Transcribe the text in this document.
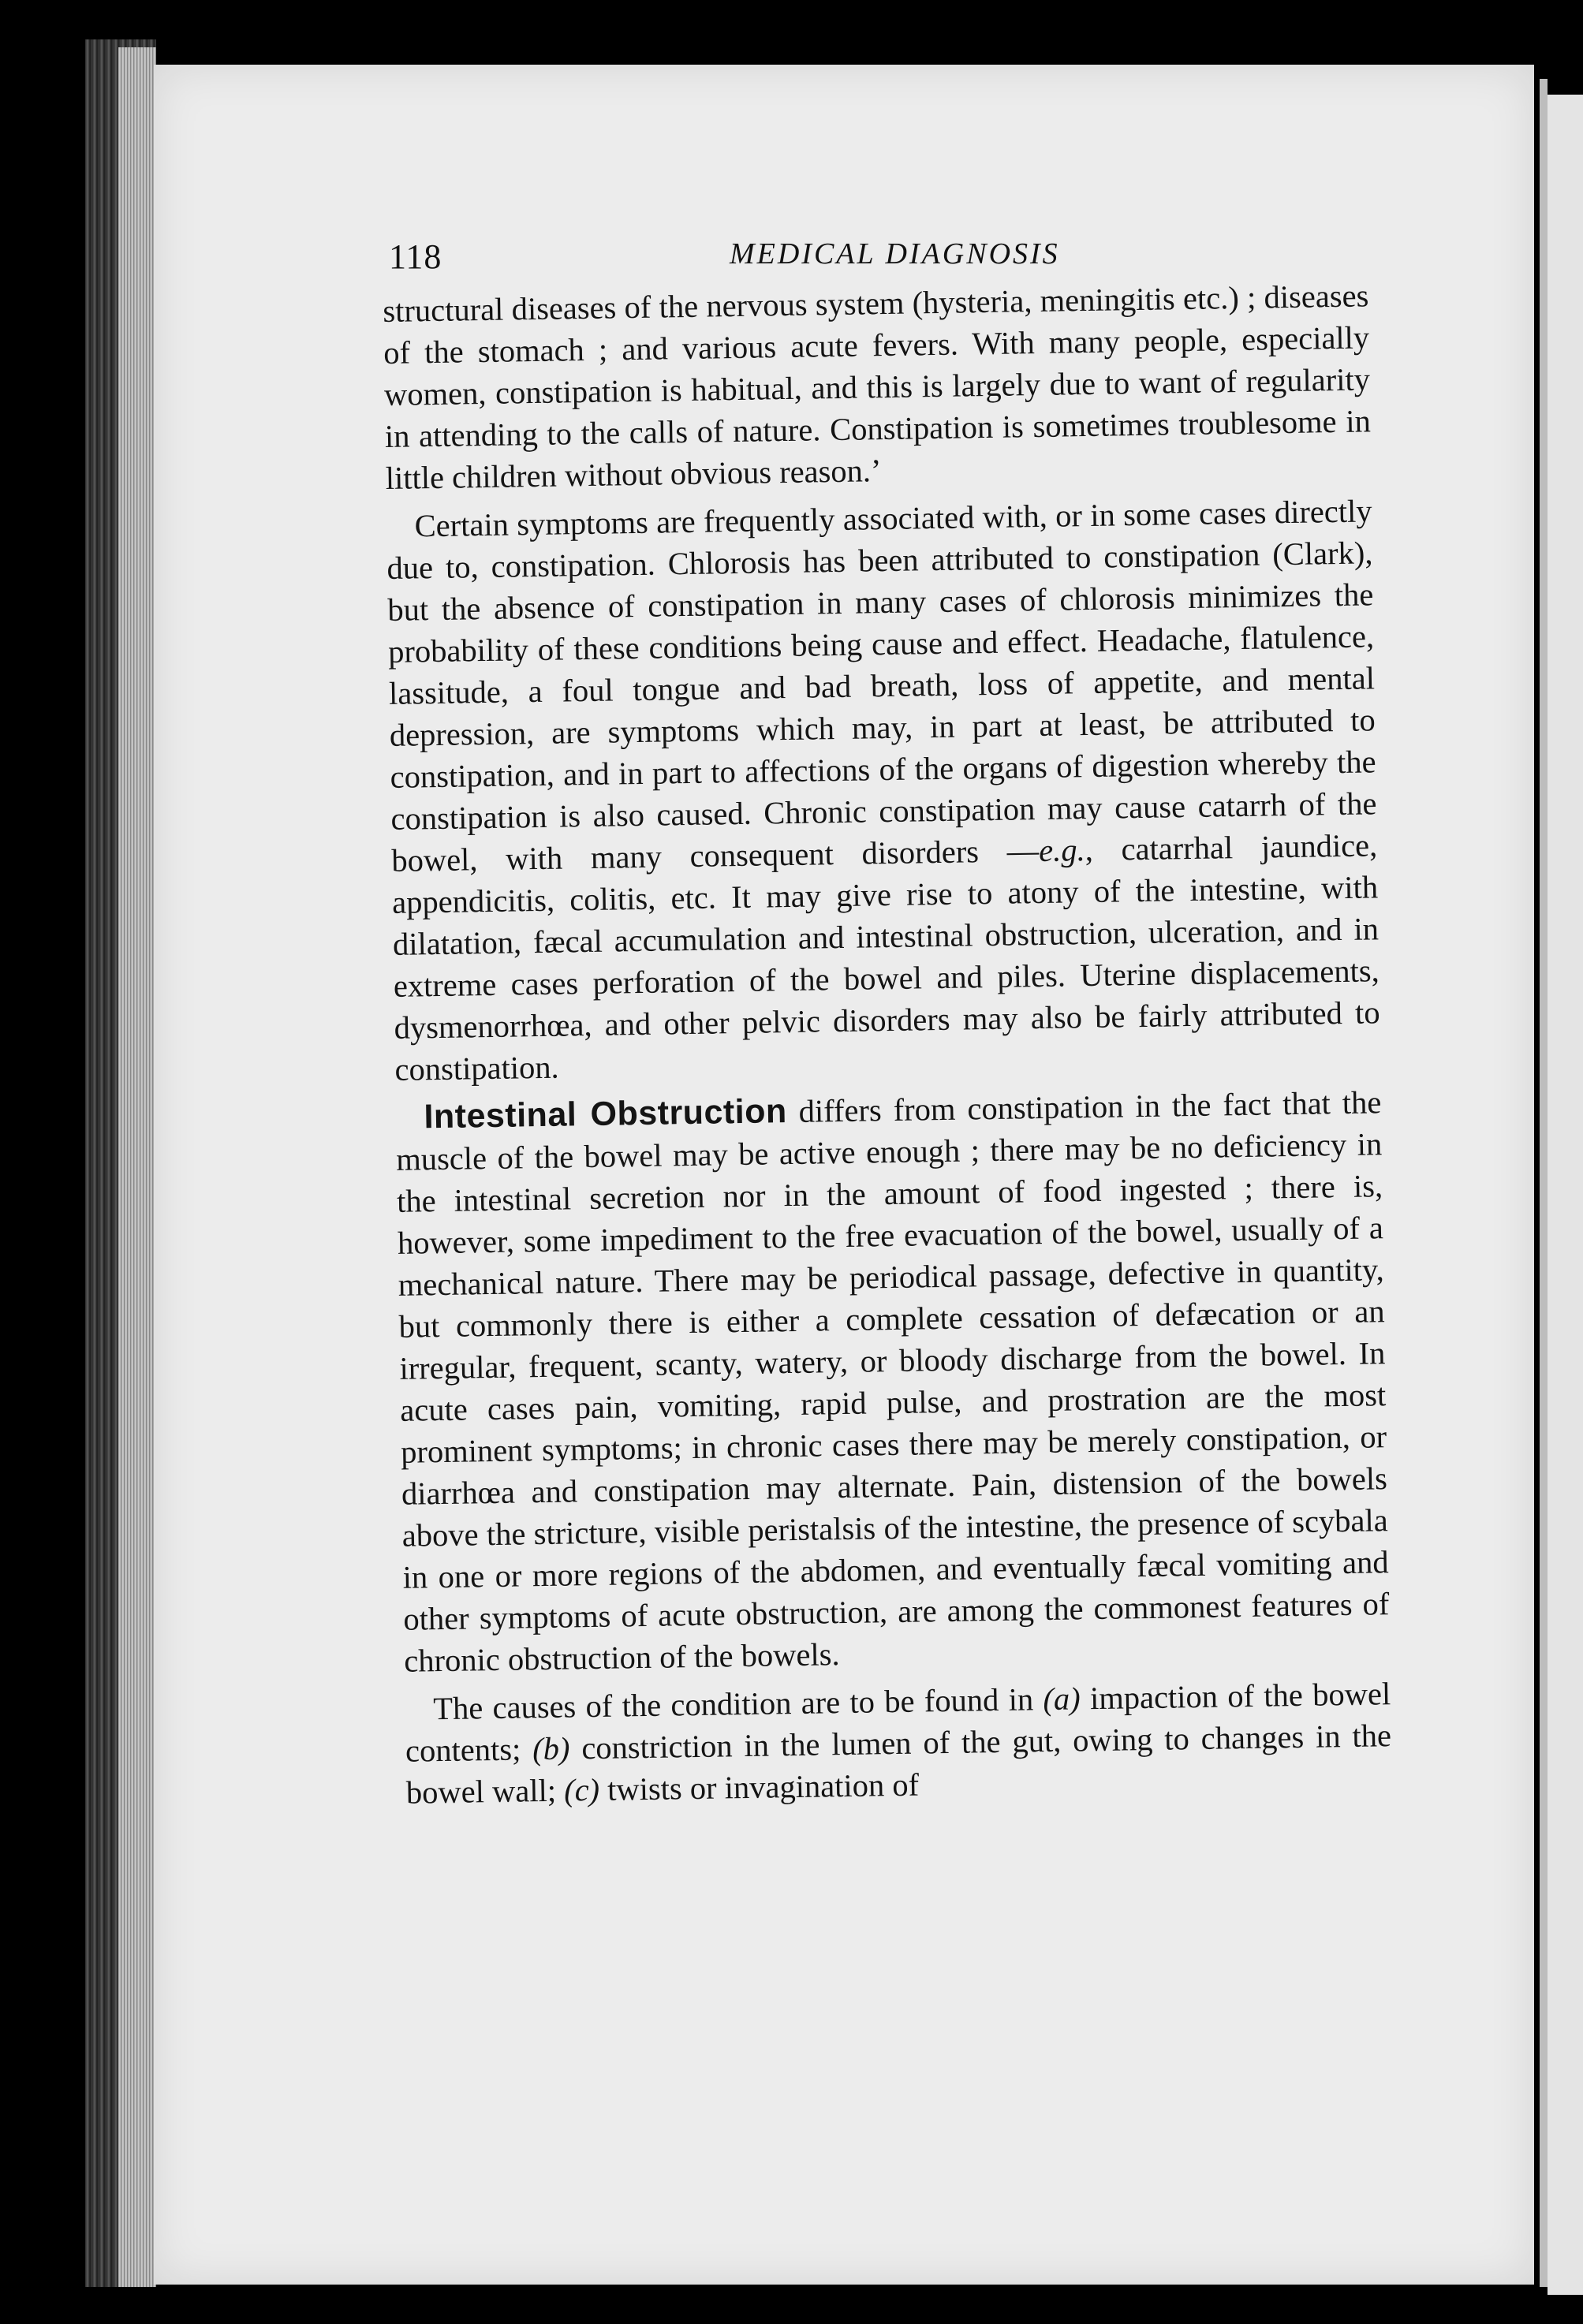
118	MEDICAL DIAGNOSIS

structural diseases of the nervous system (hysteria, meningitis etc.) ; diseases of the stomach ; and various acute fevers. With many people, especially women, constipation is habitual, and this is largely due to want of regularity in attending to the calls of nature. Constipation is sometimes troublesome in little children without obvious reason.’

Certain symptoms are frequently associated with, or in some cases directly due to, constipation. Chlorosis has been attributed to constipation (Clark), but the absence of constipation in many cases of chlorosis minimizes the probability of these conditions being cause and effect. Headache, flatulence, lassitude, a foul tongue and bad breath, loss of appetite, and mental depression, are symptoms which may, in part at least, be attributed to constipation, and in part to affections of the organs of digestion whereby the constipation is also caused. Chronic constipation may cause catarrh of the bowel, with many consequent disorders —e.g., catarrhal jaundice, appendicitis, colitis, etc. It may give rise to atony of the intestine, with dilatation, fæcal accumulation and intestinal obstruction, ulceration, and in extreme cases perforation of the bowel and piles. Uterine displacements, dysmenorrhœa, and other pelvic disorders may also be fairly attributed to constipation.

Intestinal Obstruction differs from constipation in the fact that the muscle of the bowel may be active enough ; there may be no deficiency in the intestinal secretion nor in the amount of food ingested ; there is, however, some impediment to the free evacuation of the bowel, usually of a mechanical nature. There may be periodical passage, defective in quantity, but commonly there is either a complete cessation of defæcation or an irregular, frequent, scanty, watery, or bloody discharge from the bowel. In acute cases pain, vomiting, rapid pulse, and prostration are the most prominent symptoms; in chronic cases there may be merely constipation, or diarrhœa and constipation may alternate. Pain, distension of the bowels above the stricture, visible peristalsis of the intestine, the presence of scybala in one or more regions of the abdomen, and eventually fæcal vomiting and other symptoms of acute obstruction, are among the commonest features of chronic obstruction of the bowels.

The causes of the condition are to be found in (a) impaction of the bowel contents; (b) constriction in the lumen of the gut, owing to changes in the bowel wall; (c) twists or invagination of
